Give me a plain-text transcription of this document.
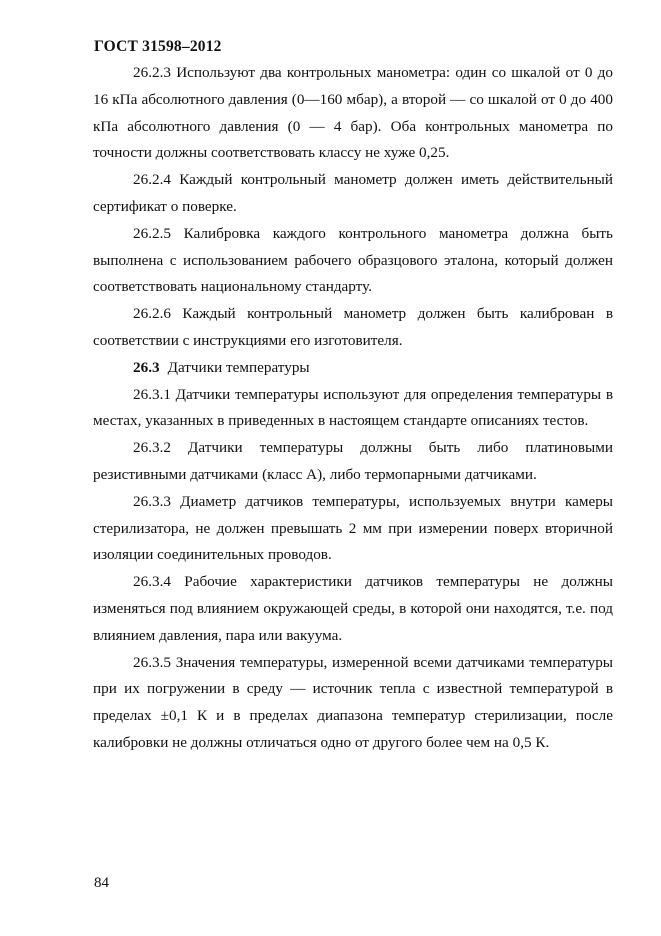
ГОСТ 31598–2012

26.2.3 Используют два контрольных манометра: один со шкалой от 0 до 16 кПа абсолютного давления (0—160 мбар), а второй — со шкалой от 0 до 400 кПа абсолютного давления (0 — 4 бар). Оба контрольных манометра по точности должны соответствовать классу не хуже 0,25.

26.2.4 Каждый контрольный манометр должен иметь действительный сертификат о поверке.

26.2.5 Калибровка каждого контрольного манометра должна быть выполнена с использованием рабочего образцового эталона, который должен соответствовать национальному стандарту.

26.2.6 Каждый контрольный манометр должен быть калиброван в соответствии с инструкциями его изготовителя.

26.3 Датчики температуры

26.3.1 Датчики температуры используют для определения температуры в местах, указанных в приведенных в настоящем стандарте описаниях тестов.

26.3.2 Датчики температуры должны быть либо платиновыми резистивными датчиками (класс А), либо термопарными датчиками.

26.3.3 Диаметр датчиков температуры, используемых внутри камеры стерилизатора, не должен превышать 2 мм при измерении поверх вторичной изоляции соединительных проводов.

26.3.4 Рабочие характеристики датчиков температуры не должны изменяться под влиянием окружающей среды, в которой они находятся, т.е. под влиянием давления, пара или вакуума.

26.3.5 Значения температуры, измеренной всеми датчиками температуры при их погружении в среду — источник тепла с известной температурой в пределах ±0,1 К и в пределах диапазона температур стерилизации, после калибровки не должны отличаться одно от другого более чем на 0,5 К.

84
